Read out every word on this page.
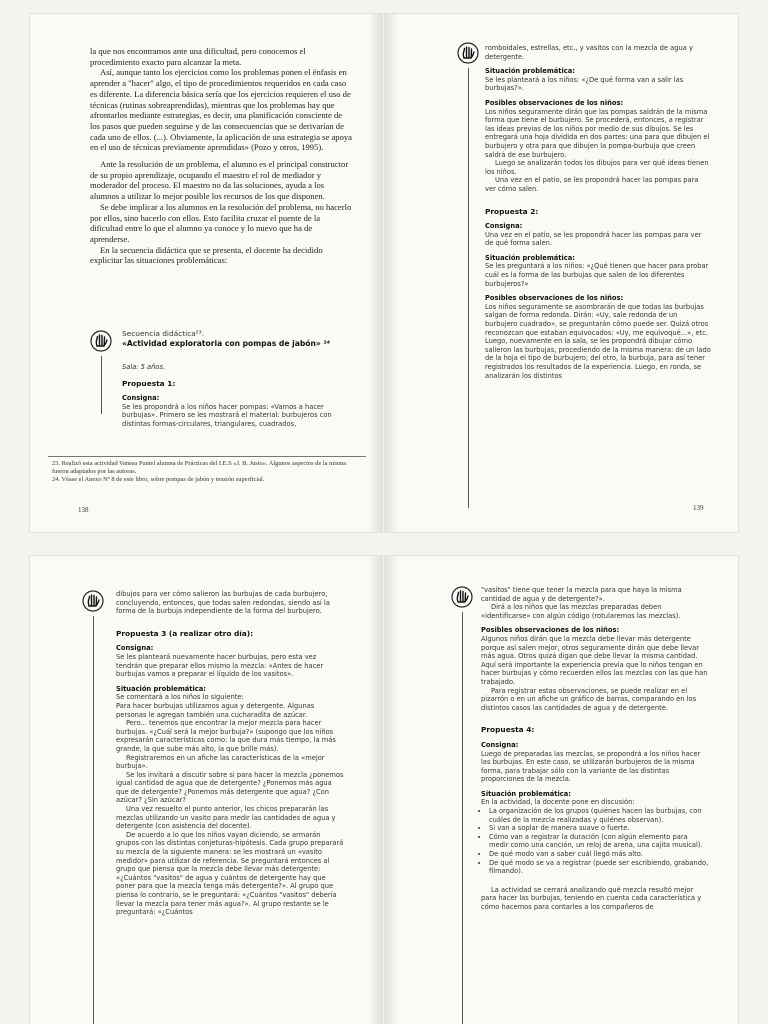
la que nos encontramos ante una dificultad, pero conocemos el procedimiento exacto para alcanzar la meta.

Así, aunque tanto los ejercicios como los problemas ponen el énfasis en aprender a "hacer" algo, el tipo de procedimientos requeridos en cada caso es diferente. La diferencia básica sería que los ejercicios requieren el uso de técnicas (rutinas sobreaprendidas), mientras que los problemas hay que afrontarlos mediante estrategias, es decir, una planificación consciente de los pasos que pueden seguirse y de las consecuencias que se derivarían de cada uno de ellos. (...). Obviamente, la aplicación de una estrategia se apoya en el uso de técnicas previamente aprendidas» (Pozo y otros, 1995).

Ante la resolución de un problema, el alumno es el principal constructor de su propio aprendizaje, ocupando el maestro el rol de mediador y moderador del proceso. El maestro no da las soluciones, ayuda a los alumnos a utilizar lo mejor posible los recursos de los que disponen.

Se debe implicar a los alumnos en la resolución del problema, no hacerlo por ellos, sino hacerlo con ellos. Esto facilita cruzar el puente de la dificultad entre lo que el alumno ya conoce y lo nuevo que ha de aprenderse.

En la secuencia didáctica que se presenta, el docente ha decidido explicitar las situaciones problemáticas:

Secuencia didáctica²³.

«Actividad exploratoria con pompas de jabón» ²⁴

Sala: 5 años.

Propuesta 1:

Consigna:

Se les propondrá a los niños hacer pompas: «Vamos a hacer burbujas». Primero se les mostrará el material: burbujeros con distintas formas-circulares, triangulares, cuadrados,

23. Realizó esta actividad Vanesa Puntel alumna de Prácticas del I.E.S «J. B. Justo». Algunos aspectos de la misma fueron adaptados por las autoras.

24. Véase el Anexo Nº 8 de este libro, sobre pompas de jabón y tensión superficial.

138

romboidales, estrellas, etc., y vasitos con la mezcla de agua y detergente.

Situación problemática:

Se les planteará a los niños: «¿De qué forma van a salir las burbujas?».

Posibles observaciones de los niños:

Los niños seguramente dirán que las pompas saldrán de la misma forma que tiene el burbujero. Se procederá, entonces, a registrar las ideas previas de los niños por medio de sus dibujos. Se les entregará una hoja dividida en dos partes: una para que dibujen el burbujero y otra para que dibujen la pompa-burbuja que creen saldrá de ese burbujero.

Luego se analizarán todos los dibujos para ver qué ideas tienen los niños.

Una vez en el patio, se les propondrá hacer las pompas para ver cómo salen.

Propuesta 2:

Consigna:

Una vez en el patio, se les propondrá hacer las pompas para ver de qué forma salen.

Situación problemática:

Se les preguntará a los niños: «¿Qué tienen que hacer para probar cuál es la forma de las burbujas que salen de los diferentes burbujeros?»

Posibles observaciones de los niños:

Los niños seguramente se asombrarán de que todas las burbujas salgan de forma redonda. Dirán: «Uy, sale redonda de un burbujero cuadrado», se preguntarán cómo puede ser. Quizá otros reconozcan que estaban equivocados: «Uy, me equivoqué...», etc. Luego, nuevamente en la sala, se les propondrá dibujar cómo salieron las burbujas, procediendo de la misma manera: de un lado de la hoja el tipo de burbujero; del otro, la burbuja, para así tener registrados los resultados de la experiencia. Luego, en ronda, se analizarán los distintos

139

dibujos para ver cómo salieron las burbujas de cada burbujero, concluyendo, entonces, que todas salen redondas, siendo así la forma de la burbuja independiente de la forma del burbujero.

Propuesta 3 (a realizar otro día):

Consigna:

Se les planteará nuevamente hacer burbujas, pero esta vez tendrán que preparar ellos mismo la mezcla: «Antes de hacer burbujas vamos a preparar el líquido de los vasitos».

Situación problemática:

Se comentará a los niños lo siguiente:

Para hacer burbujas utilizamos agua y detergente. Algunas personas le agregan también una cucharadita de azúcar.

Pero... tenemos que encontrar la mejor mezcla para hacer burbujas. «¿Cuál será la mejor burbuja?» (supongo que los niños expresarán características como: la que dura más tiempo, la más grande, la que sube más alto, la que brille más).

Registraremos en un afiche las características de la «mejor burbuja».

Se los invitará a discutir sobre si para hacer la mezcla ¿ponemos igual cantidad de agua que de detergente? ¿Ponemos más agua que de detergente? ¿Ponemos más detergente que agua? ¿Con azúcar? ¿Sin azúcar?

Una vez resuelto el punto anterior, los chicos prepararán las mezclas utilizando un vasito para medir las cantidades de agua y detergente (con asistencia del docente).

De acuerdo a lo que los niños vayan diciendo, se armarán grupos con las distintas conjeturas-hipótesis. Cada grupo preparará su mezcla de la siguiente manera: se les mostrará un «vasito medidor» para utilizar de referencia. Se preguntará entonces al grupo que piensa que la mezcla debe llevar más detergente: «¿Cuántos "vasitos" de agua y cuántos de detergente hay que poner para que la mezcla tenga más detergente?». Al grupo que piensa lo contrario, se le preguntará: «¿Cuántos "vasitos" debería llevar la mezcla para tener más agua?». Al grupo restante se le preguntará: «¿Cuántos

"vasitos" tiene que tener la mezcla para que haya la misma cantidad de agua y de detergente?».

Dirá a los niños que las mezclas preparadas deben «identificarse» con algún código (rotularemos las mezclas).

Posibles observaciones de los niños:

Algunos niños dirán que la mezcla debe llevar más detergente porque así salen mejor, otros seguramente dirán que debe llevar más agua. Otros quizá digan que debe llevar la misma cantidad. Aquí será importante la experiencia previa que lo niños tengan en hacer burbujas y cómo recuerden ellos las mezclas con las que han trabajado.

Para registrar estas observaciones, se puede realizar en el pizarrón o en un afiche un gráfico de barras, comparando en los distintos casos las cantidades de agua y de detergente.

Propuesta 4:

Consigna:

Luego de preparadas las mezclas, se propondrá a los niños hacer las burbujas. En este caso, se utilizarán burbujeros de la misma forma, para trabajar sólo con la variante de las distintas proporciones de la mezcla.

Situación problemática:

En la actividad, la docente pone en discusión:

• La organización de los grupos (quiénes hacen las burbujas, con cuáles de la mezcla realizadas y quiénes observan).
• Si van a soplar de manera suave o fuerte.
• Cómo van a registrar la duración (con algún elemento para medir como una canción, un reloj de arena, una cajita musical).
• De qué modo van a saber cuál llegó más alto.
• De qué modo se va a registrar (puede ser escribiendo, grabando, filmando).

La actividad se cerrará analizando qué mezcla resultó mejor para hacer las burbujas, teniendo en cuenta cada característica y cómo hacemos para contarles a los compañeros de
